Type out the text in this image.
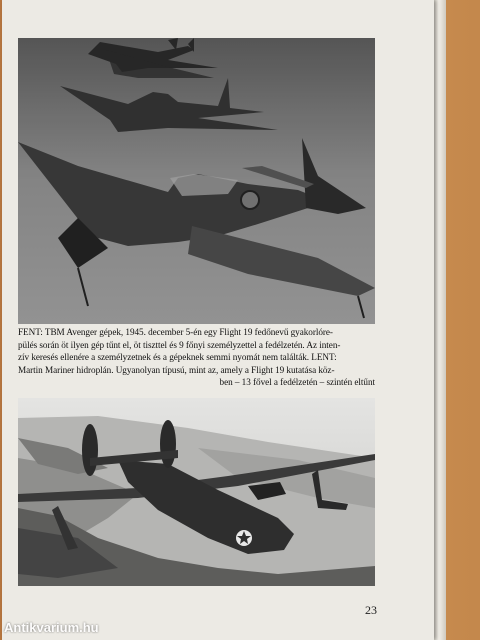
FENT: TBM Avenger gépek, 1945. december 5-én egy Flight 19 fedőnevű gyakorlóre-
pülés során öt ilyen gép tűnt el, öt tiszttel és 9 főnyi személyzettel a fedélzetén. Az inten-
zív keresés ellenére a személyzetnek és a gépeknek semmi nyomát nem találták. LENT:
Martin Mariner hidroplán. Ugyanolyan típusú, mint az, amely a Flight 19 kutatása köz-
ben – 13 fővel a fedélzetén – szintén eltűnt
23
Antikvarium.hu
